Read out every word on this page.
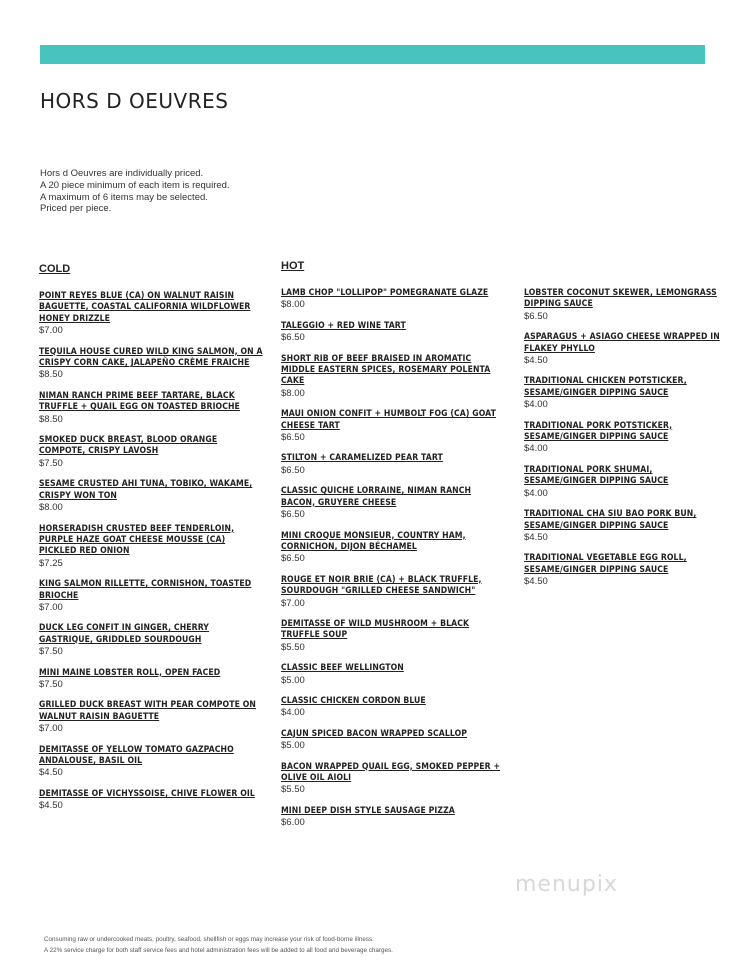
HORS D OEUVRES
Hors d Oeuvres are individually priced.
A 20 piece minimum of each item is required.
A maximum of 6 items may be selected.
Priced per piece.
COLD
POINT REYES BLUE (CA) ON WALNUT RAISIN BAGUETTE, COASTAL CALIFORNIA WILDFLOWER HONEY DRIZZLE
$7.00
TEQUILA HOUSE CURED WILD KING SALMON, ON A CRISPY CORN CAKE, JALAPEÑO CRÈME FRAICHE
$8.50
NIMAN RANCH PRIME BEEF TARTARE, BLACK TRUFFLE + QUAIL EGG ON TOASTED BRIOCHE
$8.50
SMOKED DUCK BREAST, BLOOD ORANGE COMPOTE, CRISPY LAVOSH
$7.50
SESAME CRUSTED AHI TUNA, TOBIKO, WAKAME, CRISPY WON TON
$8.00
HORSERADISH CRUSTED BEEF TENDERLOIN, PURPLE HAZE GOAT CHEESE MOUSSE (CA) PICKLED RED ONION
$7.25
KING SALMON RILLETTE, CORNISHON, TOASTED BRIOCHE
$7.00
DUCK LEG CONFIT IN GINGER, CHERRY GASTRIQUE, GRIDDLED SOURDOUGH
$7.50
MINI MAINE LOBSTER ROLL, OPEN FACED
$7.50
GRILLED DUCK BREAST WITH PEAR COMPOTE ON WALNUT RAISIN BAGUETTE
$7.00
DEMITASSE OF YELLOW TOMATO GAZPACHO ANDALOUSE, BASIL OIL
$4.50
DEMITASSE OF VICHYSSOISE, CHIVE FLOWER OIL
$4.50
HOT
LAMB CHOP "LOLLIPOP" POMEGRANATE GLAZE
$8.00
TALEGGIO + RED WINE TART
$6.50
SHORT RIB OF BEEF BRAISED IN AROMATIC MIDDLE EASTERN SPICES, ROSEMARY POLENTA CAKE
$8.00
MAUI ONION CONFIT + HUMBOLT FOG (CA) GOAT CHEESE TART
$6.50
STILTON + CARAMELIZED PEAR TART
$6.50
CLASSIC QUICHE LORRAINE, NIMAN RANCH BACON, GRUYERE CHEESE
$6.50
MINI CROQUE MONSIEUR, COUNTRY HAM, CORNICHON, DIJON BÉCHAMEL
$6.50
ROUGE ET NOIR BRIE (CA) + BLACK TRUFFLE, SOURDOUGH "GRILLED CHEESE SANDWICH"
$7.00
DEMITASSE OF WILD MUSHROOM + BLACK TRUFFLE SOUP
$5.50
CLASSIC BEEF WELLINGTON
$5.00
CLASSIC CHICKEN CORDON BLUE
$4.00
CAJUN SPICED BACON WRAPPED SCALLOP
$5.00
BACON WRAPPED QUAIL EGG, SMOKED PEPPER + OLIVE OIL AIOLI
$5.50
MINI DEEP DISH STYLE SAUSAGE PIZZA
$6.00
LOBSTER COCONUT SKEWER, LEMONGRASS DIPPING SAUCE
$6.50
ASPARAGUS + ASIAGO CHEESE WRAPPED IN FLAKEY PHYLLO
$4.50
TRADITIONAL CHICKEN POTSTICKER, SESAME/GINGER DIPPING SAUCE
$4.00
TRADITIONAL PORK POTSTICKER, SESAME/GINGER DIPPING SAUCE
$4.00
TRADITIONAL PORK SHUMAI, SESAME/GINGER DIPPING SAUCE
$4.00
TRADITIONAL CHA SIU BAO PORK BUN, SESAME/GINGER DIPPING SAUCE
$4.50
TRADITIONAL VEGETABLE EGG ROLL, SESAME/GINGER DIPPING SAUCE
$4.50
menupix
Consuming raw or undercooked meats, poultry, seafood, shellfish or eggs may increase your risk of food-borne illness.
A 22% service charge for both staff service fees and hotel administration fees will be added to all food and beverage charges.
